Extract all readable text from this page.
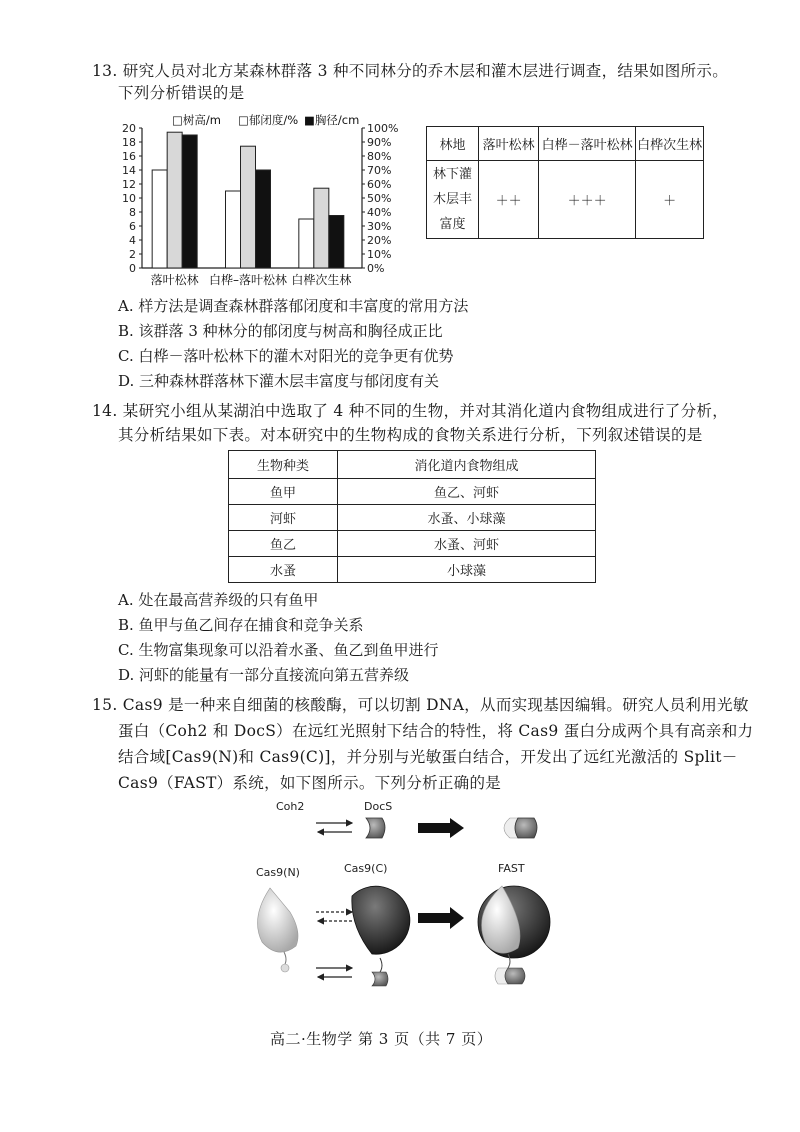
13. 研究人员对北方某森林群落 3 种不同林分的乔木层和灌木层进行调查，结果如图所示。
下列分析错误的是
0
2
4
6
8
10
12
14
16
18
20
0%
10%
20%
30%
40%
50%
60%
70%
80%
90%
100%
落叶松林 白桦–落叶松林 白桦次生林
□树高/m □郁闭度/% ■胸径/cm
林地	落叶松林	白桦－落叶松林	白桦次生林

林下灌
木层丰
富度	＋＋	＋＋＋	＋
A. 样方法是调查森林群落郁闭度和丰富度的常用方法
B. 该群落 3 种林分的郁闭度与树高和胸径成正比
C. 白桦－落叶松林下的灌木对阳光的竞争更有优势
D. 三种森林群落林下灌木层丰富度与郁闭度有关
14. 某研究小组从某湖泊中选取了 4 种不同的生物，并对其消化道内食物组成进行了分析，
其分析结果如下表。对本研究中的生物构成的食物关系进行分析，下列叙述错误的是
生物种类	消化道内食物组成
鱼甲	鱼乙、河虾
河虾	水蚤、小球藻
鱼乙	水蚤、河虾
水蚤	小球藻
A. 处在最高营养级的只有鱼甲
B. 鱼甲与鱼乙间存在捕食和竞争关系
C. 生物富集现象可以沿着水蚤、鱼乙到鱼甲进行
D. 河虾的能量有一部分直接流向第五营养级
15. Cas9 是一种来自细菌的核酸酶，可以切割 DNA，从而实现基因编辑。研究人员利用光敏
蛋白（Coh2 和 DocS）在远红光照射下结合的特性，将 Cas9 蛋白分成两个具有高亲和力
结合域[Cas9(N)和 Cas9(C)]，并分别与光敏蛋白结合，开发出了远红光激活的 Split－
Cas9（FAST）系统，如下图所示。下列分析正确的是
Coh2	DocS
Cas9(N)	Cas9(C)	FAST
高二·生物学 第 3 页（共 7 页）
